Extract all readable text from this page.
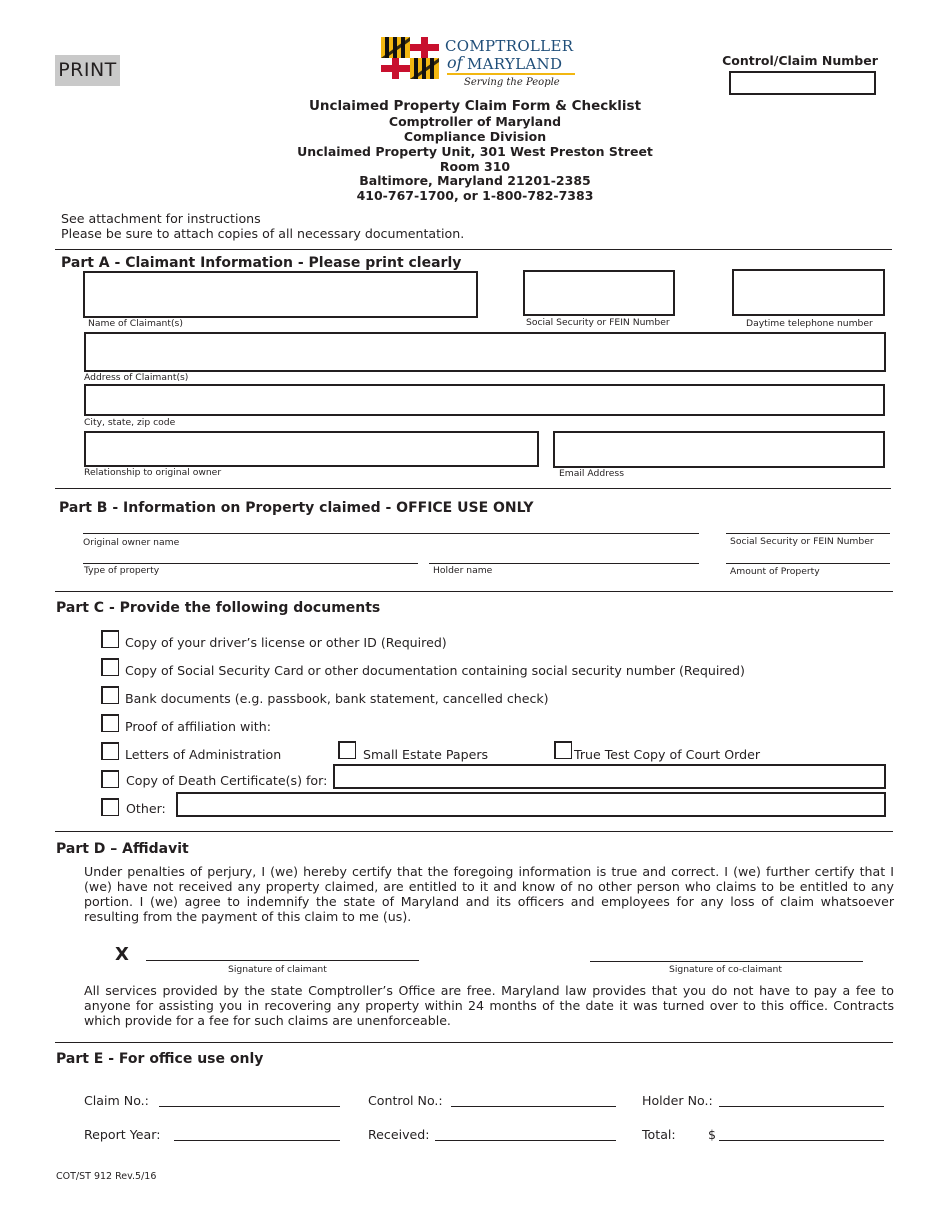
PRINT
COMPTROLLER
of MARYLAND
Serving the People
Control/Claim Number
Unclaimed Property Claim Form & Checklist
Comptroller of Maryland
Compliance Division
Unclaimed Property Unit, 301 West Preston Street
Room 310
Baltimore, Maryland 21201-2385
410-767-1700, or 1-800-782-7383
See attachment for instructions
Please be sure to attach copies of all necessary documentation.
Part A - Claimant Information - Please print clearly
Name of Claimant(s)	Social Security or FEIN Number	Daytime telephone number
Address of Claimant(s)
City, state, zip code
Relationship to original owner	Email Address
Part B - Information on Property claimed - OFFICE USE ONLY
Original owner name	Social Security or FEIN Number
Type of property	Holder name	Amount of Property
Part C - Provide the following documents
Copy of your driver’s license or other ID (Required)
Copy of Social Security Card or other documentation containing social security number (Required)
Bank documents (e.g. passbook, bank statement, cancelled check)
Proof of affiliation with:
Letters of Administration	Small Estate Papers	True Test Copy of Court Order
Copy of Death Certificate(s) for:
Other:
Part D – Affidavit
Under penalties of perjury, I (we) hereby certify that the foregoing information is true and correct. I (we) further certify that I (we) have not received any property claimed, are entitled to it and know of no other person who claims to be entitled to any portion. I (we) agree to indemnify the state of Maryland and its officers and employees for any loss of claim whatsoever resulting from the payment of this claim to me (us).
X
Signature of claimant	Signature of co-claimant
All services provided by the state Comptroller’s Office are free. Maryland law provides that you do not have to pay a fee to anyone for assisting you in recovering any property within 24 months of the date it was turned over to this office. Contracts which provide for a fee for such claims are unenforceable.
Part E - For office use only
Claim No.:	Control No.:	Holder No.:
Report Year:	Received:	Total:	$
COT/ST 912 Rev.5/16
